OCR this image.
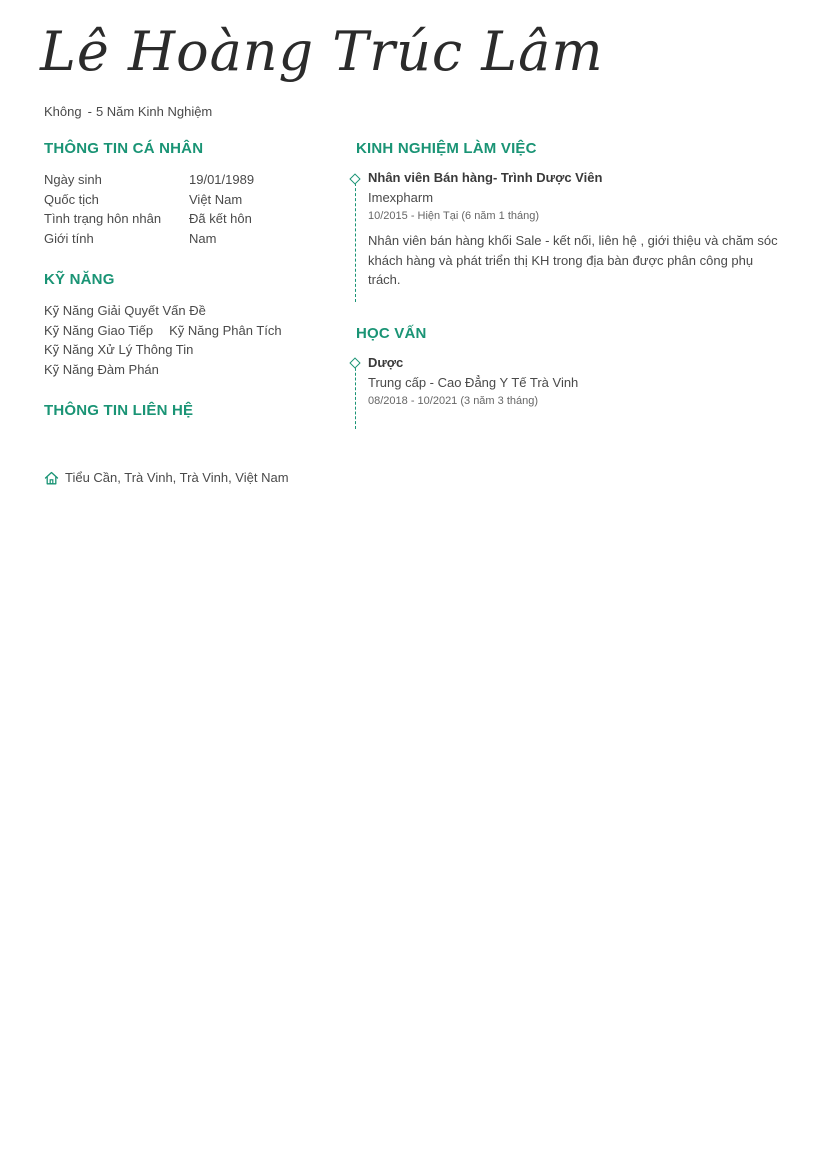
Lê Hoàng Trúc Lâm
Không - 5 Năm Kinh Nghiệm
THÔNG TIN CÁ NHÂN
Ngày sinh	19/01/1989
Quốc tịch	Việt Nam
Tình trạng hôn nhân	Đã kết hôn
Giới tính	Nam
KỸ NĂNG
Kỹ Năng Giải Quyết Vấn Đề
Kỹ Năng Giao Tiếp Kỹ Năng Phân Tích
Kỹ Năng Xử Lý Thông Tin
Kỹ Năng Đàm Phán
THÔNG TIN LIÊN HỆ
Tiểu Cần, Trà Vinh, Trà Vinh, Việt Nam
KINH NGHIỆM LÀM VIỆC
Nhân viên Bán hàng- Trình Dược Viên
Imexpharm
10/2015 - Hiện Tại (6 năm 1 tháng)
Nhân viên bán hàng khối Sale - kết nối, liên hệ , giới thiệu và chăm sóc khách hàng và phát triển thị KH trong địa bàn được phân công phụ trách.
HỌC VẤN
Dược
Trung cấp - Cao Đẳng Y Tế Trà Vinh
08/2018 - 10/2021 (3 năm 3 tháng)
